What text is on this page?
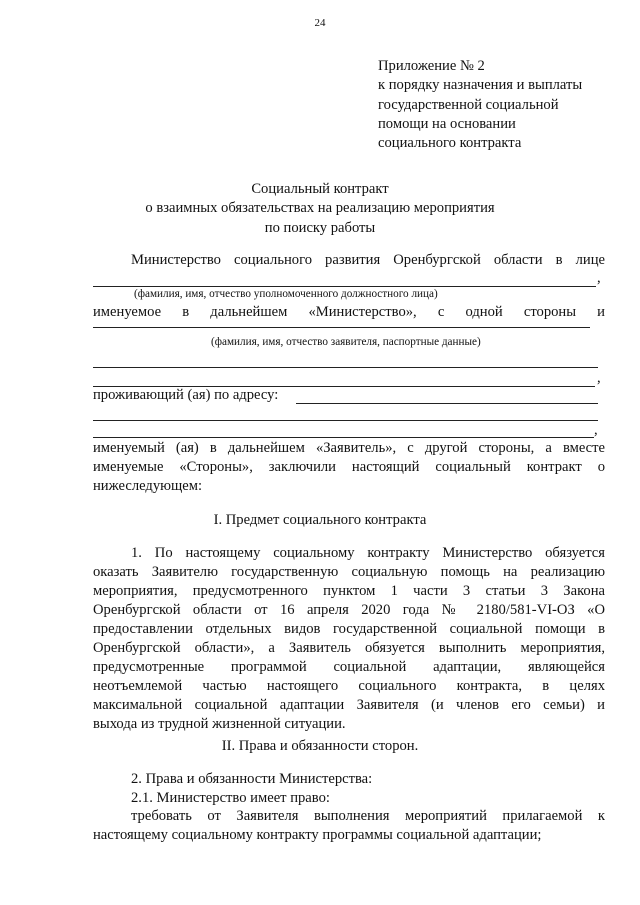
24
Приложение № 2
к порядку назначения и выплаты
государственной социальной
помощи на основании
социального контракта
Социальный контракт
о взаимных обязательствах на реализацию мероприятия
по поиску работы
Министерство социального развития Оренбургской области в лице
,
(фамилия, имя, отчество уполномоченного должностного лица)
именуемое в дальнейшем «Министерство», с одной стороны и
(фамилия, имя, отчество заявителя, паспортные данные)
,
проживающий (ая) по адресу:
,
именуемый (ая) в дальнейшем «Заявитель», с другой стороны, а вместе
именуемые «Стороны», заключили настоящий социальный контракт о
нижеследующем:
I. Предмет социального контракта
1. По настоящему социальному контракту Министерство обязуется
оказать Заявителю государственную социальную помощь на реализацию
мероприятия, предусмотренного пунктом 1 части 3 статьи 3 Закона
Оренбургской области от 16 апреля 2020 года № 2180/581-VI-ОЗ «О
предоставлении отдельных видов государственной социальной помощи в
Оренбургской области», а Заявитель обязуется выполнить мероприятия,
предусмотренные программой социальной адаптации, являющейся
неотъемлемой частью настоящего социального контракта, в целях
максимальной социальной адаптации Заявителя (и членов его семьи) и
выхода из трудной жизненной ситуации.
II. Права и обязанности сторон.
2. Права и обязанности Министерства:
2.1. Министерство имеет право:
требовать от Заявителя выполнения мероприятий прилагаемой к
настоящему социальному контракту программы социальной адаптации;
